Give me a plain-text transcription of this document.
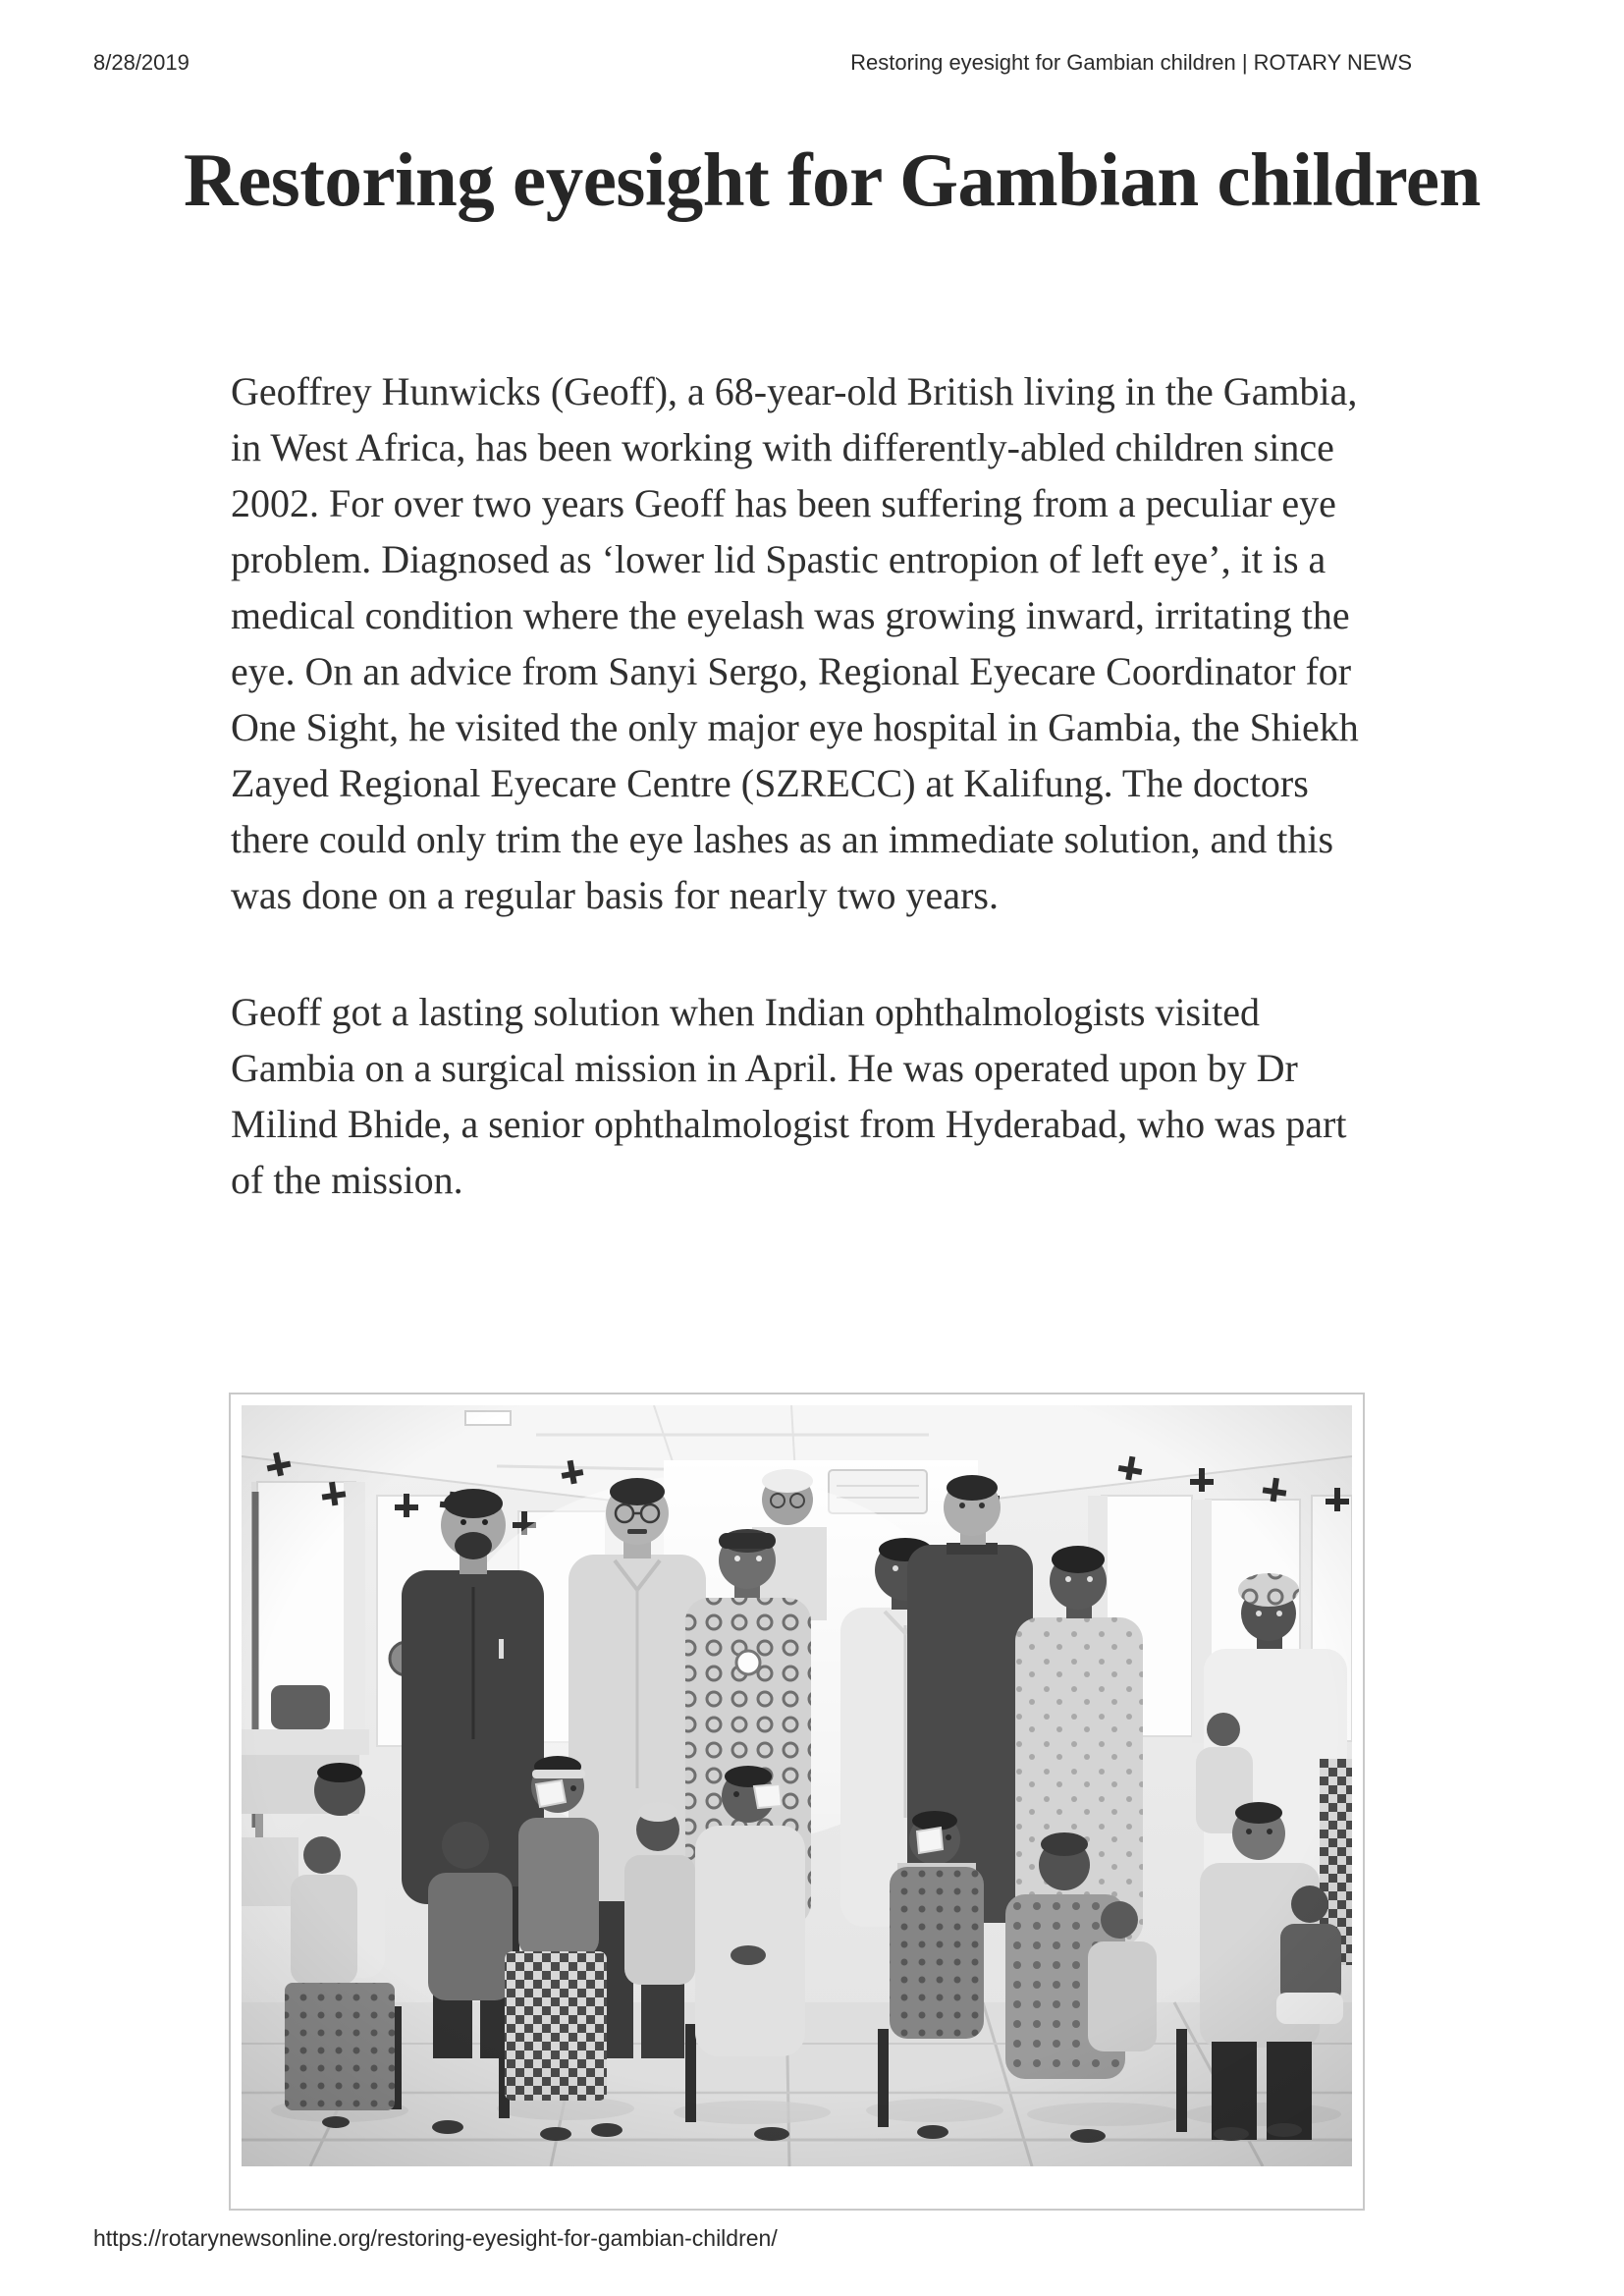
8/28/2019	Restoring eyesight for Gambian children | ROTARY NEWS
Restoring eyesight for Gambian children

Geoffrey Hunwicks (Geoff), a 68-year-old British living in the Gambia, in West Africa, has been working with differently-abled children since 2002. For over two years Geoff has been suffering from a peculiar eye problem. Diagnosed as ‘lower lid Spastic entropion of left eye’, it is a medical condition where the eyelash was growing inward, irritating the eye. On an advice from Sanyi Sergo, Regional Eyecare Coordinator for One Sight, he visited the only major eye hospital in Gambia, the Shiekh Zayed Regional Eyecare Centre (SZRECC) at Kalifung. The doctors there could only trim the eye lashes as an immediate solution, and this was done on a regular basis for nearly two years.

Geoff got a lasting solution when Indian ophthalmologists visited Gambia on a surgical mission in April. He was operated upon by Dr Milind Bhide, a senior ophthalmologist from Hyderabad, who was part of the mission.

https://rotarynewsonline.org/restoring-eyesight-for-gambian-children/
